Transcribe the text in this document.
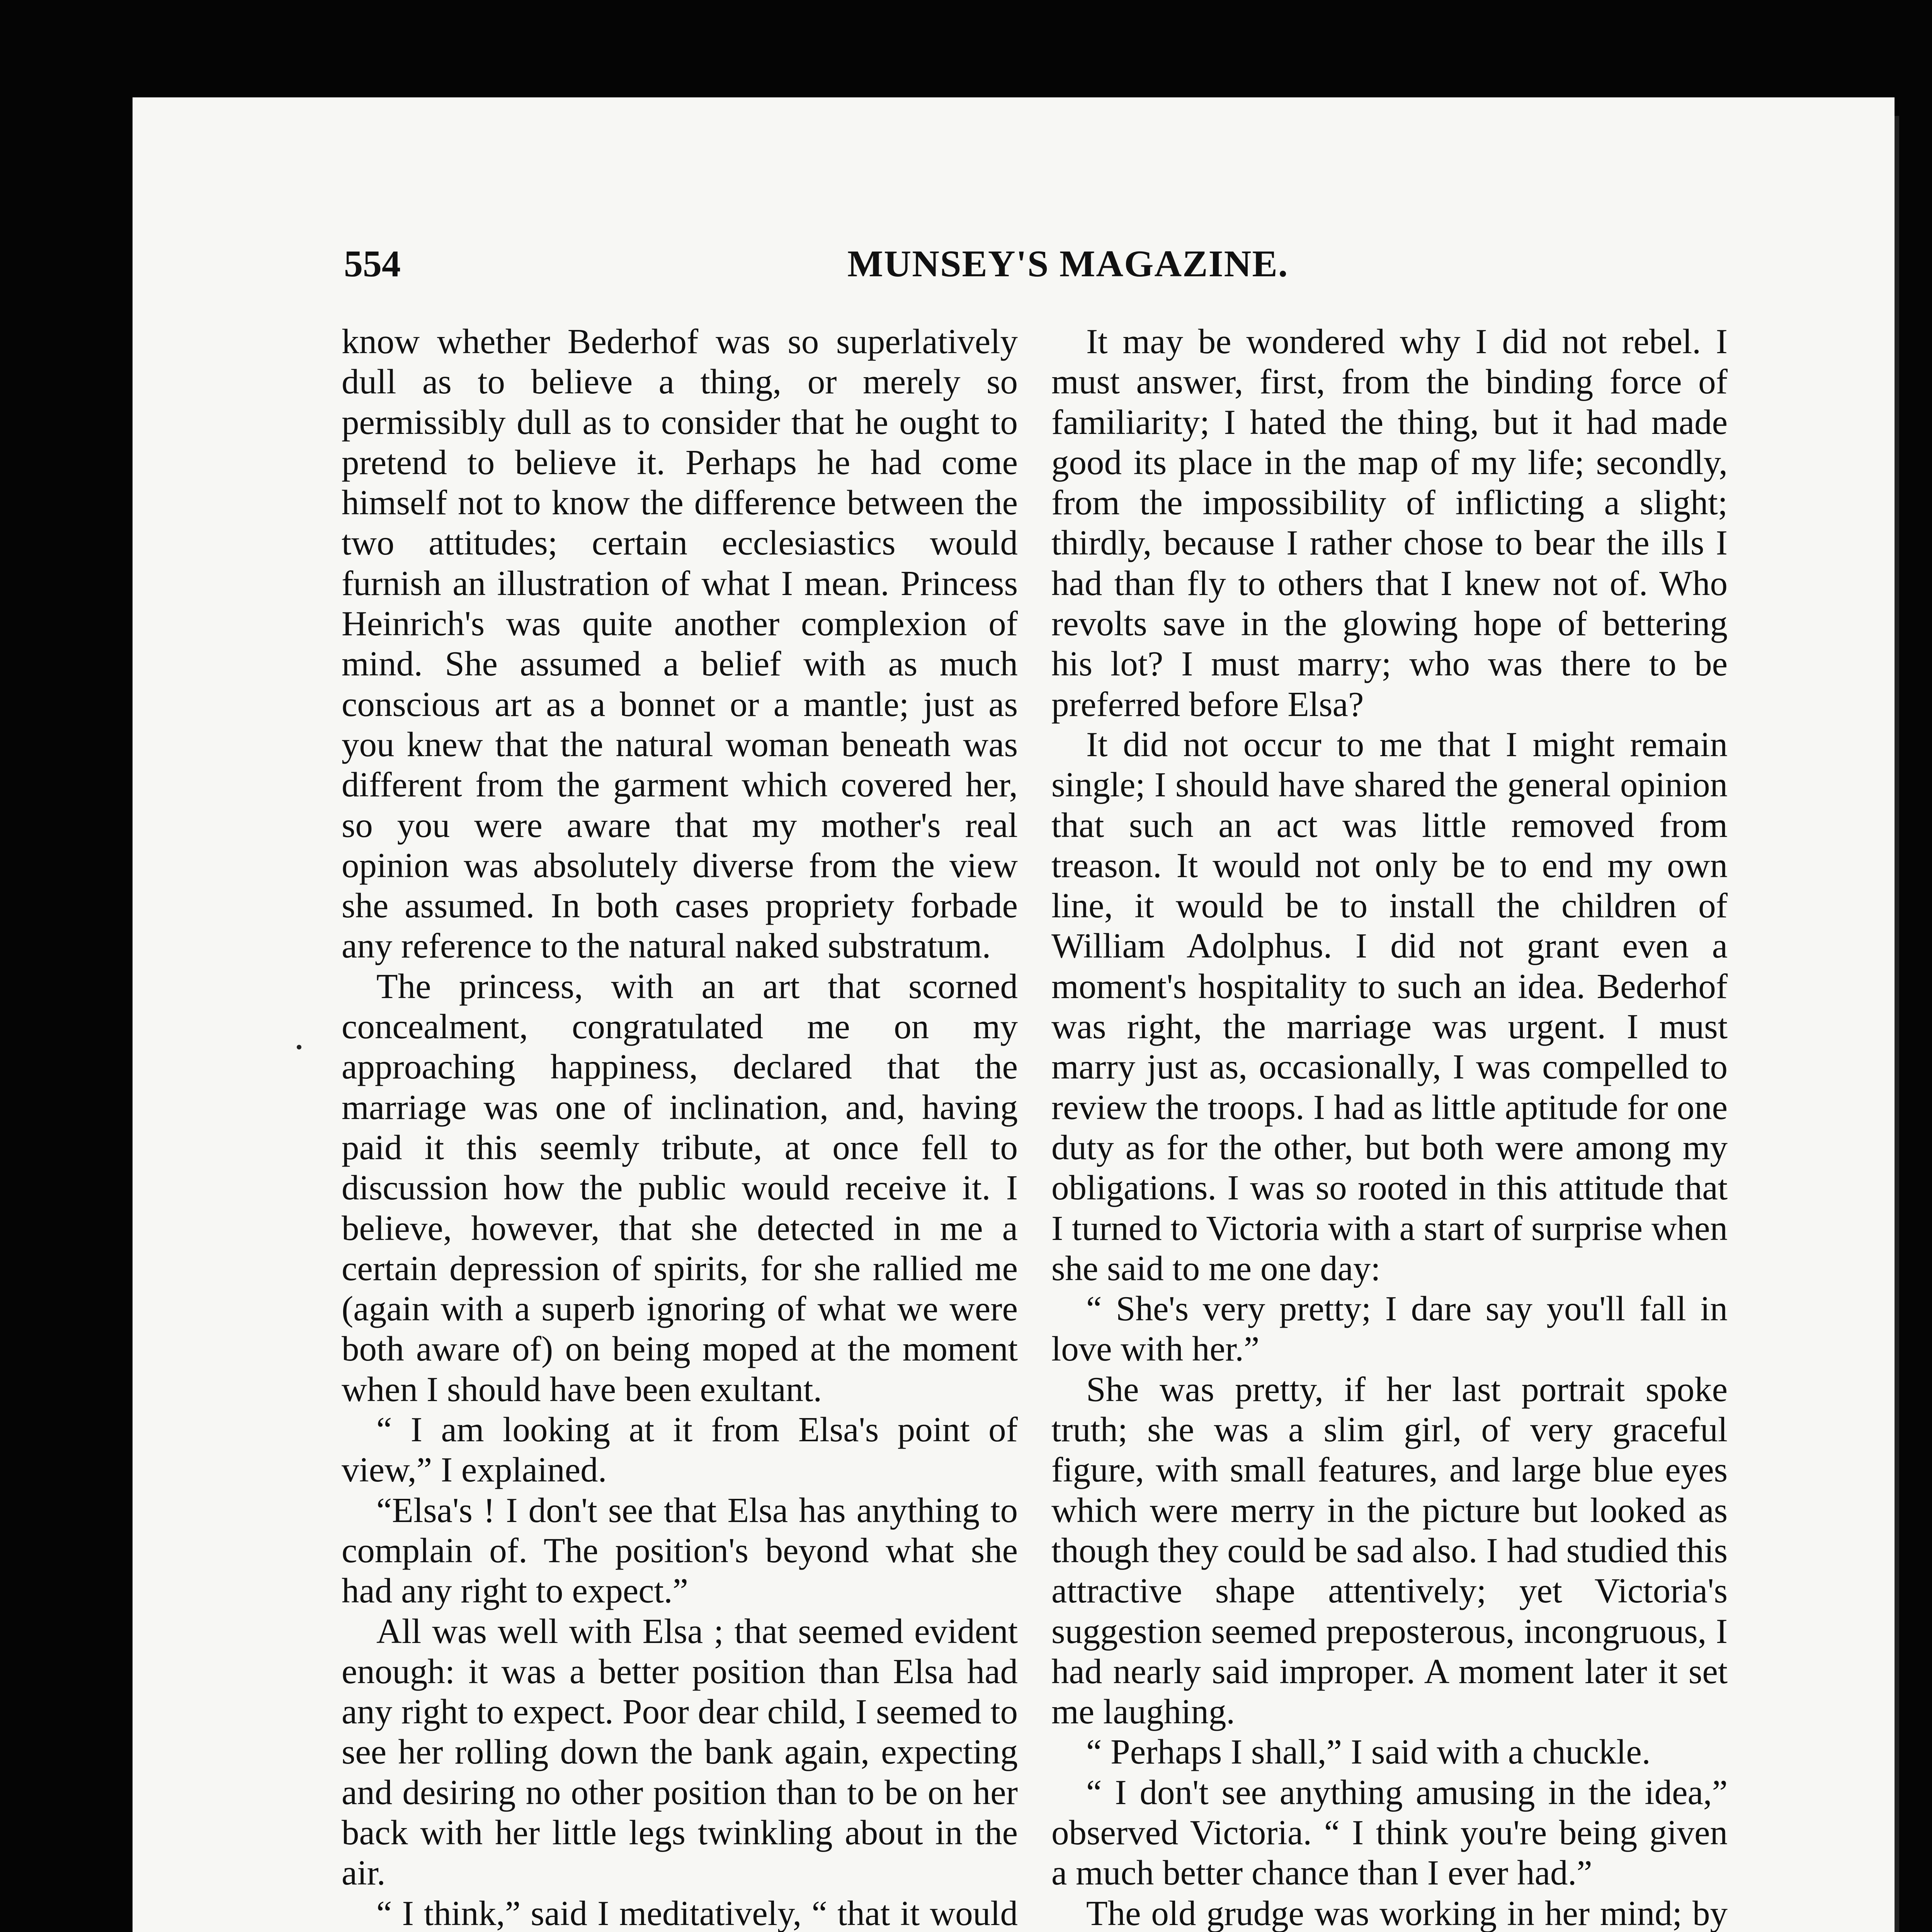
554	MUNSEY'S MAGAZINE.

know whether Bederhof was so superlatively dull as to believe a thing, or merely so permissibly dull as to consider that he ought to pretend to believe it. Perhaps he had come himself not to know the difference between the two attitudes; certain ecclesiastics would furnish an illustration of what I mean. Princess Heinrich's was quite another complexion of mind. She assumed a belief with as much conscious art as a bonnet or a mantle; just as you knew that the natural woman beneath was different from the garment which covered her, so you were aware that my mother's real opinion was absolutely diverse from the view she assumed. In both cases propriety forbade any reference to the natural naked substratum.

The princess, with an art that scorned concealment, congratulated me on my approaching happiness, declared that the marriage was one of inclination, and, having paid it this seemly tribute, at once fell to discussion how the public would receive it. I believe, however, that she detected in me a certain depression of spirits, for she rallied me (again with a superb ignoring of what we were both aware of) on being moped at the moment when I should have been exultant.

“ I am looking at it from Elsa's point of view,” I explained.

“Elsa's ! I don't see that Elsa has anything to complain of. The position's beyond what she had any right to expect.”

All was well with Elsa ; that seemed evident enough: it was a better position than Elsa had any right to expect. Poor dear child, I seemed to see her rolling down the bank again, expecting and desiring no other position than to be on her back with her little legs twinkling about in the air.

“ I think,” said I meditatively, “ that it would

It may be wondered why I did not rebel. I must answer, first, from the binding force of familiarity; I hated the thing, but it had made good its place in the map of my life; secondly, from the impossibility of inflicting a slight; thirdly, because I rather chose to bear the ills I had than fly to others that I knew not of. Who revolts save in the glowing hope of bettering his lot? I must marry; who was there to be preferred before Elsa?

It did not occur to me that I might remain single; I should have shared the general opinion that such an act was little removed from treason. It would not only be to end my own line, it would be to install the children of William Adolphus. I did not grant even a moment's hospitality to such an idea. Bederhof was right, the marriage was urgent. I must marry just as, occasionally, I was compelled to review the troops. I had as little aptitude for one duty as for the other, but both were among my obligations. I was so rooted in this attitude that I turned to Victoria with a start of surprise when she said to me one day:

“ She's very pretty; I dare say you'll fall in love with her.”

She was pretty, if her last portrait spoke truth; she was a slim girl, of very graceful figure, with small features, and large blue eyes which were merry in the picture but looked as though they could be sad also. I had studied this attractive shape attentively; yet Victoria's suggestion seemed preposterous, incongruous, I had nearly said improper. A moment later it set me laughing.

“ Perhaps I shall,” I said with a chuckle.

“ I don't see anything amusing in the idea,” observed Victoria. “ I think you're being given a much better chance than I ever had.”

The old grudge was working in her mind; by
